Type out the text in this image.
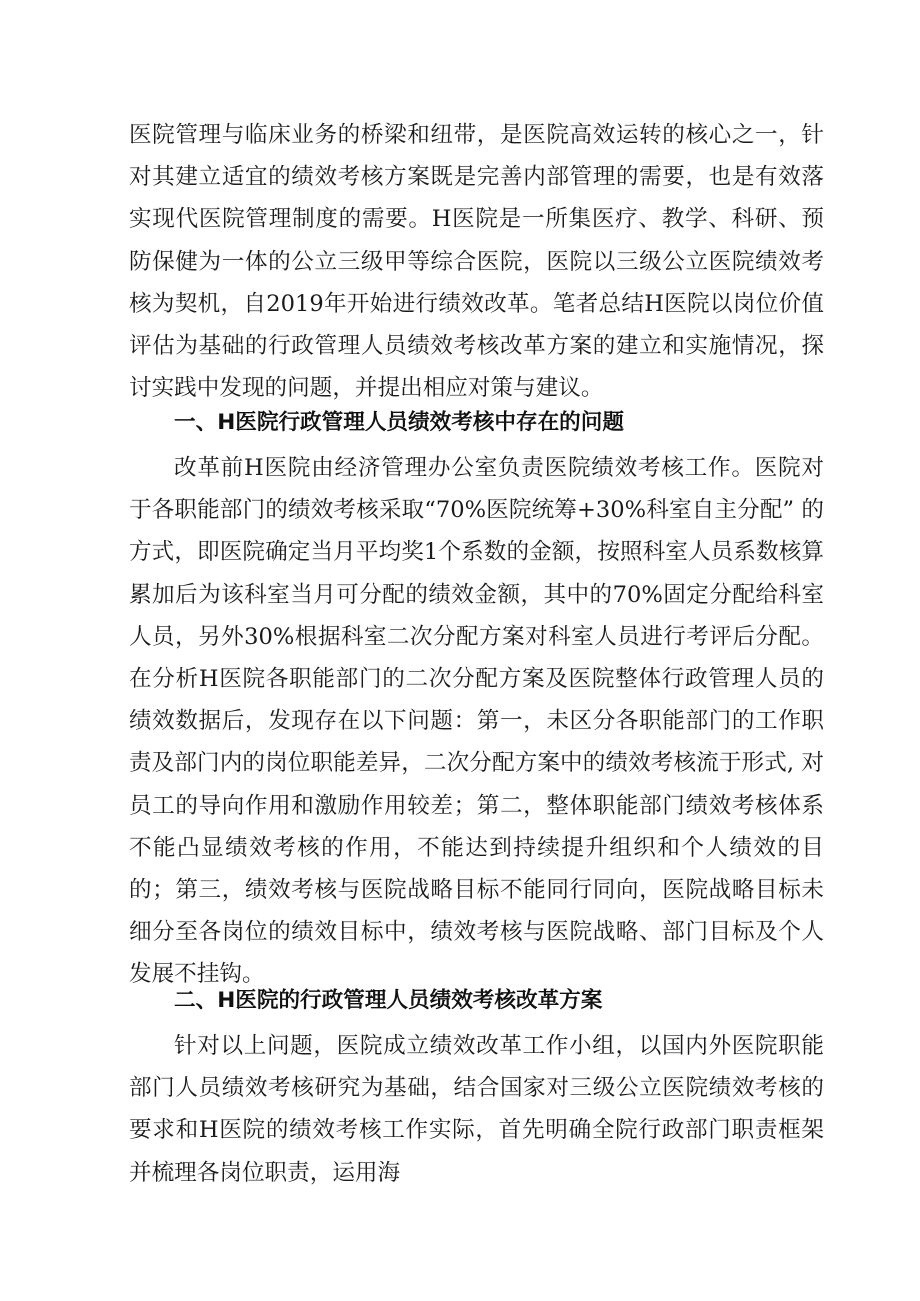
医院管理与临床业务的桥梁和纽带，是医院高效运转的核心之一，针对其建立适宜的绩效考核方案既是完善内部管理的需要，也是有效落实现代医院管理制度的需要。H医院是一所集医疗、教学、科研、预防保健为一体的公立三级甲等综合医院，医院以三级公立医院绩效考核为契机，自2019年开始进行绩效改革。笔者总结H医院以岗位价值评估为基础的行政管理人员绩效考核改革方案的建立和实施情况，探讨实践中发现的问题，并提出相应对策与建议。

一、H医院行政管理人员绩效考核中存在的问题

改革前H医院由经济管理办公室负责医院绩效考核工作。医院对于各职能部门的绩效考核采取“70%医院统筹+30%科室自主分配” 的方式，即医院确定当月平均奖1个系数的金额，按照科室人员系数核算累加后为该科室当月可分配的绩效金额，其中的70%固定分配给科室人员，另外30%根据科室二次分配方案对科室人员进行考评后分配。在分析H医院各职能部门的二次分配方案及医院整体行政管理人员的绩效数据后，发现存在以下问题：第一，未区分各职能部门的工作职责及部门内的岗位职能差异，二次分配方案中的绩效考核流于形式, 对员工的导向作用和激励作用较差；第二，整体职能部门绩效考核体系不能凸显绩效考核的作用，不能达到持续提升组织和个人绩效的目的；第三，绩效考核与医院战略目标不能同行同向，医院战略目标未细分至各岗位的绩效目标中，绩效考核与医院战略、部门目标及个人发展不挂钩。

二、H医院的行政管理人员绩效考核改革方案

针对以上问题，医院成立绩效改革工作小组，以国内外医院职能部门人员绩效考核研究为基础，结合国家对三级公立医院绩效考核的要求和H医院的绩效考核工作实际，首先明确全院行政部门职责框架并梳理各岗位职责，运用海
